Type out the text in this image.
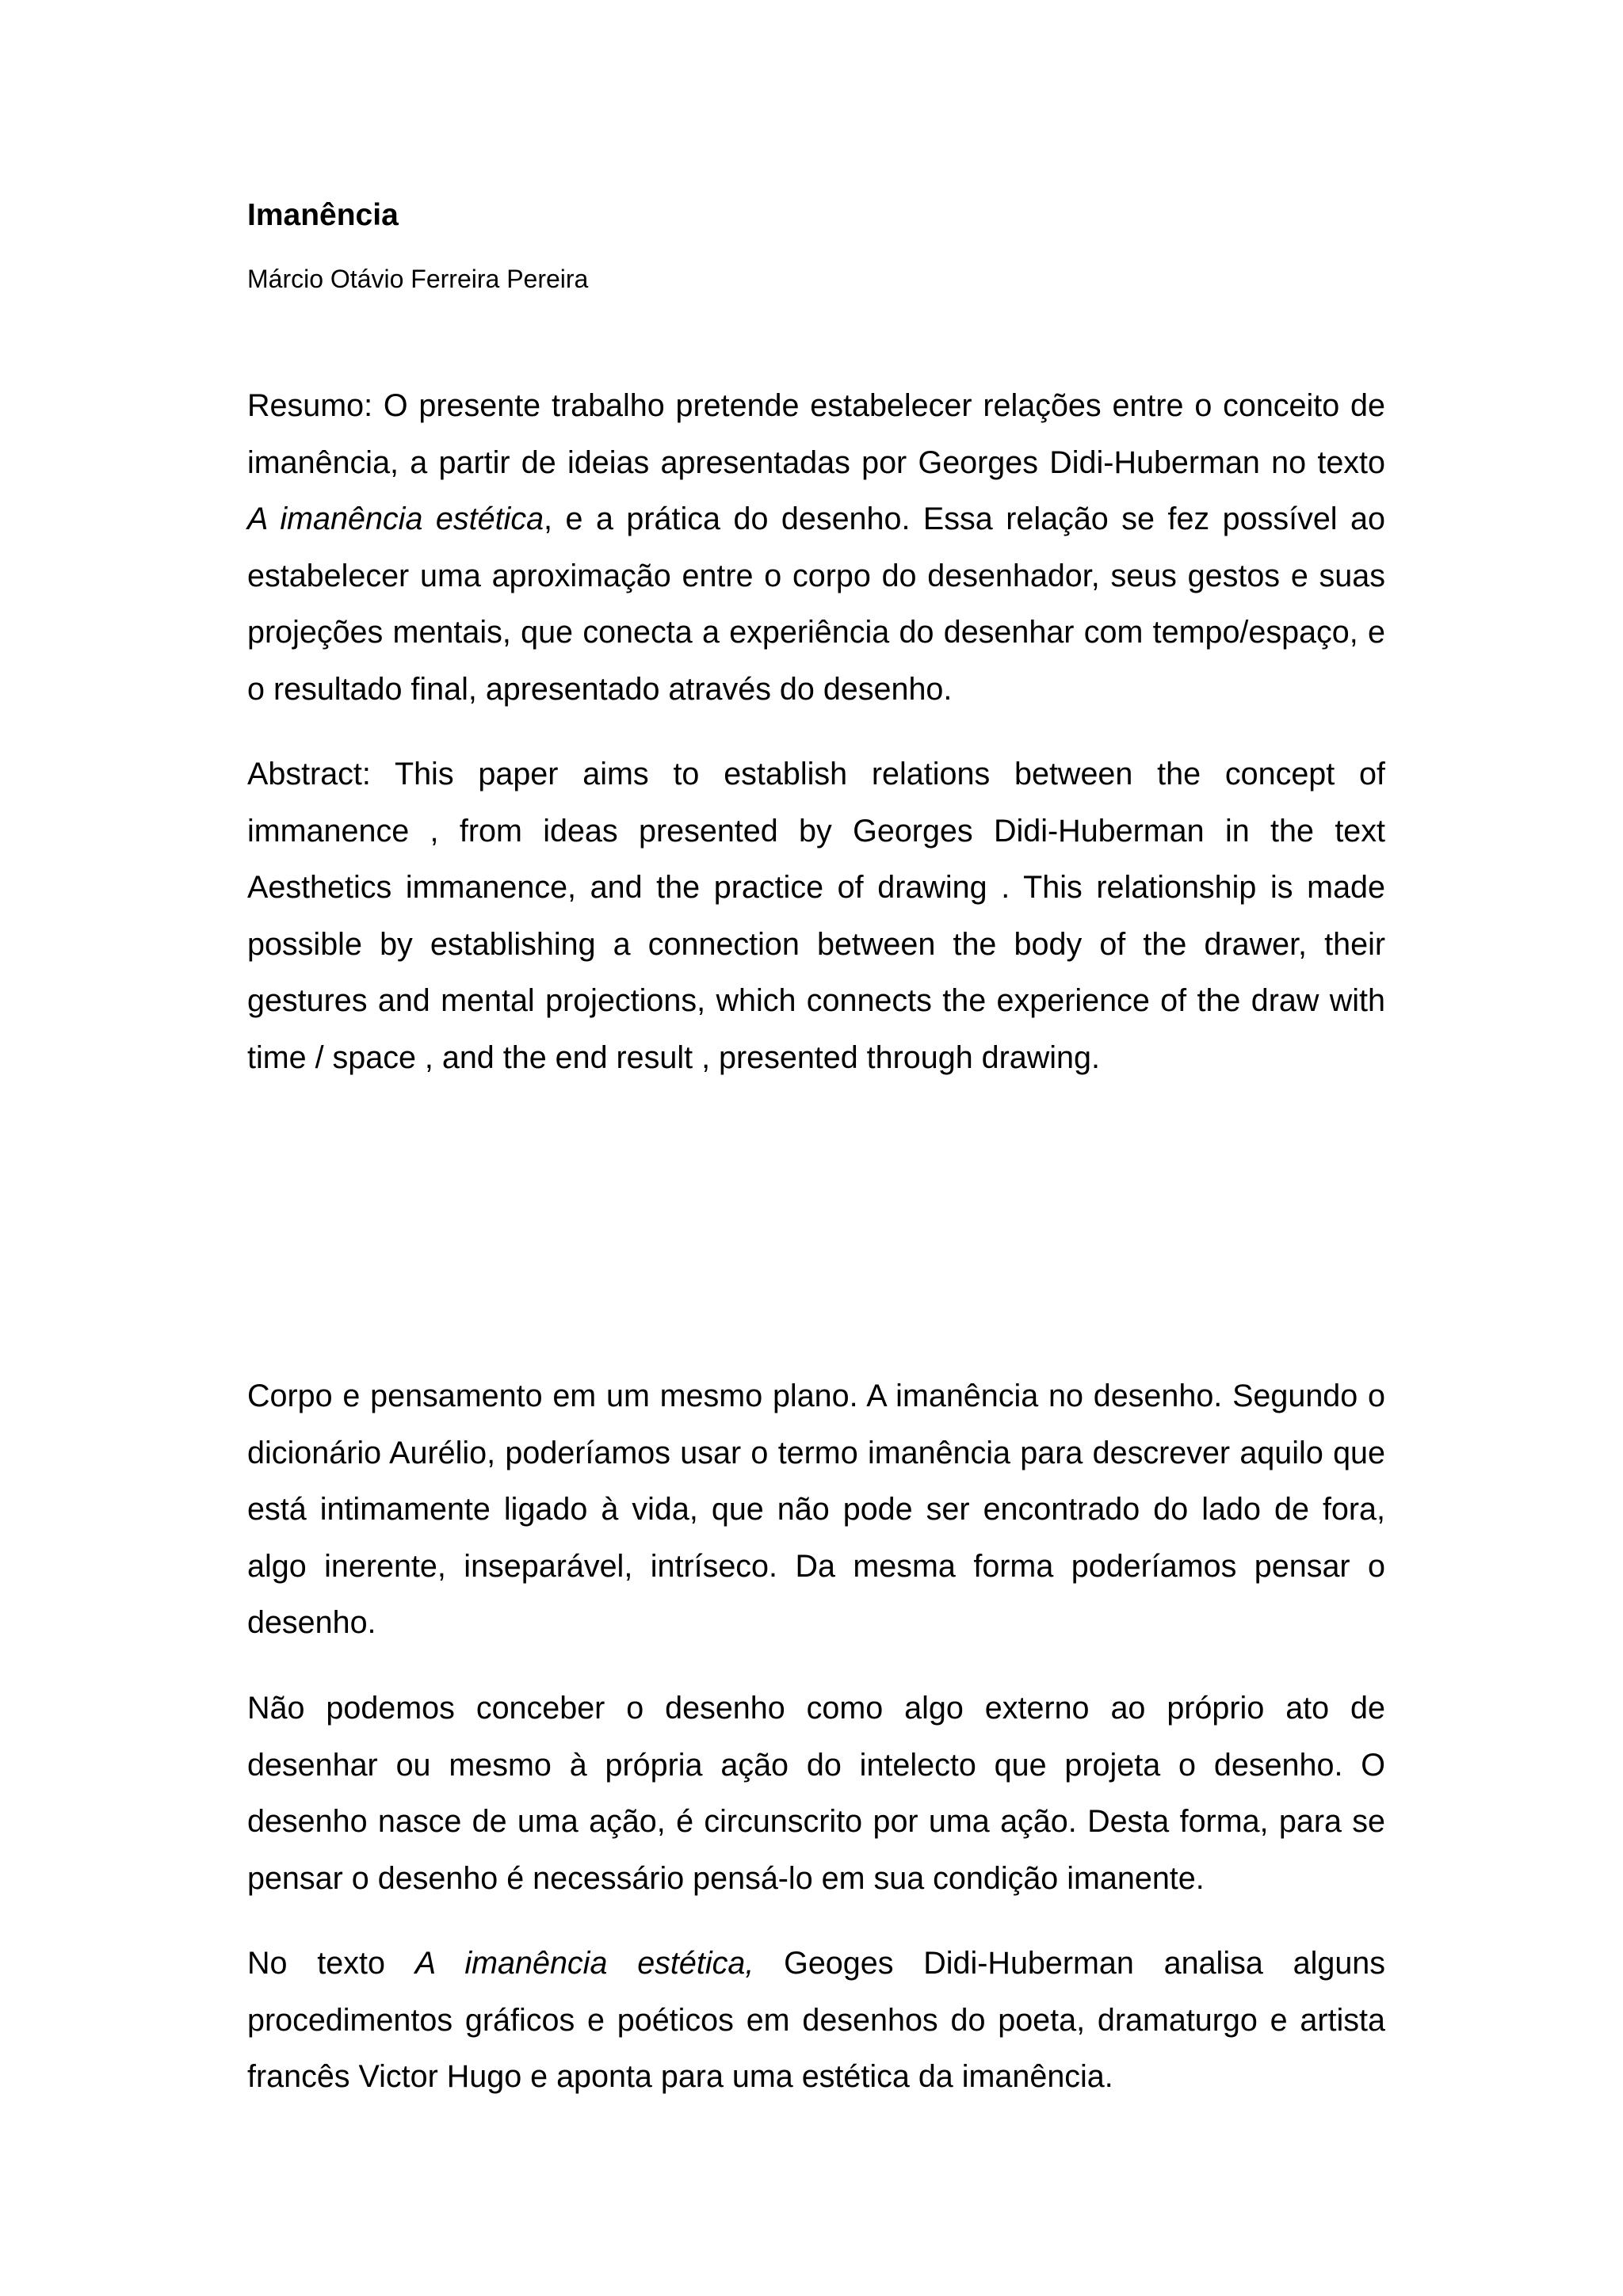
Imanência

Márcio Otávio Ferreira Pereira

Resumo: O presente trabalho pretende estabelecer relações entre o conceito de imanência, a partir de ideias apresentadas por Georges Didi-Huberman no texto A imanência estética, e a prática do desenho. Essa relação se fez possível ao estabelecer uma aproximação entre o corpo do desenhador, seus gestos e suas projeções mentais, que conecta a experiência do desenhar com tempo/espaço, e o resultado final, apresentado através do desenho.

Abstract: This paper aims to establish relations between the concept of immanence , from ideas presented by Georges Didi-Huberman in the text Aesthetics immanence, and the practice of drawing . This relationship is made possible by establishing a connection between the body of the drawer, their gestures and mental projections, which connects the experience of the draw with time / space , and the end result , presented through drawing.

Corpo e pensamento em um mesmo plano. A imanência no desenho. Segundo o dicionário Aurélio, poderíamos usar o termo imanência para descrever aquilo que está intimamente ligado à vida, que não pode ser encontrado do lado de fora, algo inerente, inseparável, intríseco. Da mesma forma poderíamos pensar o desenho.

Não podemos conceber o desenho como algo externo ao próprio ato de desenhar ou mesmo à própria ação do intelecto que projeta o desenho. O desenho nasce de uma ação, é circunscrito por uma ação. Desta forma, para se pensar o desenho é necessário pensá-lo em sua condição imanente.

No texto A imanência estética, Geoges Didi-Huberman analisa alguns procedimentos gráficos e poéticos em desenhos do poeta, dramaturgo e artista francês Victor Hugo e aponta para uma estética da imanência.
